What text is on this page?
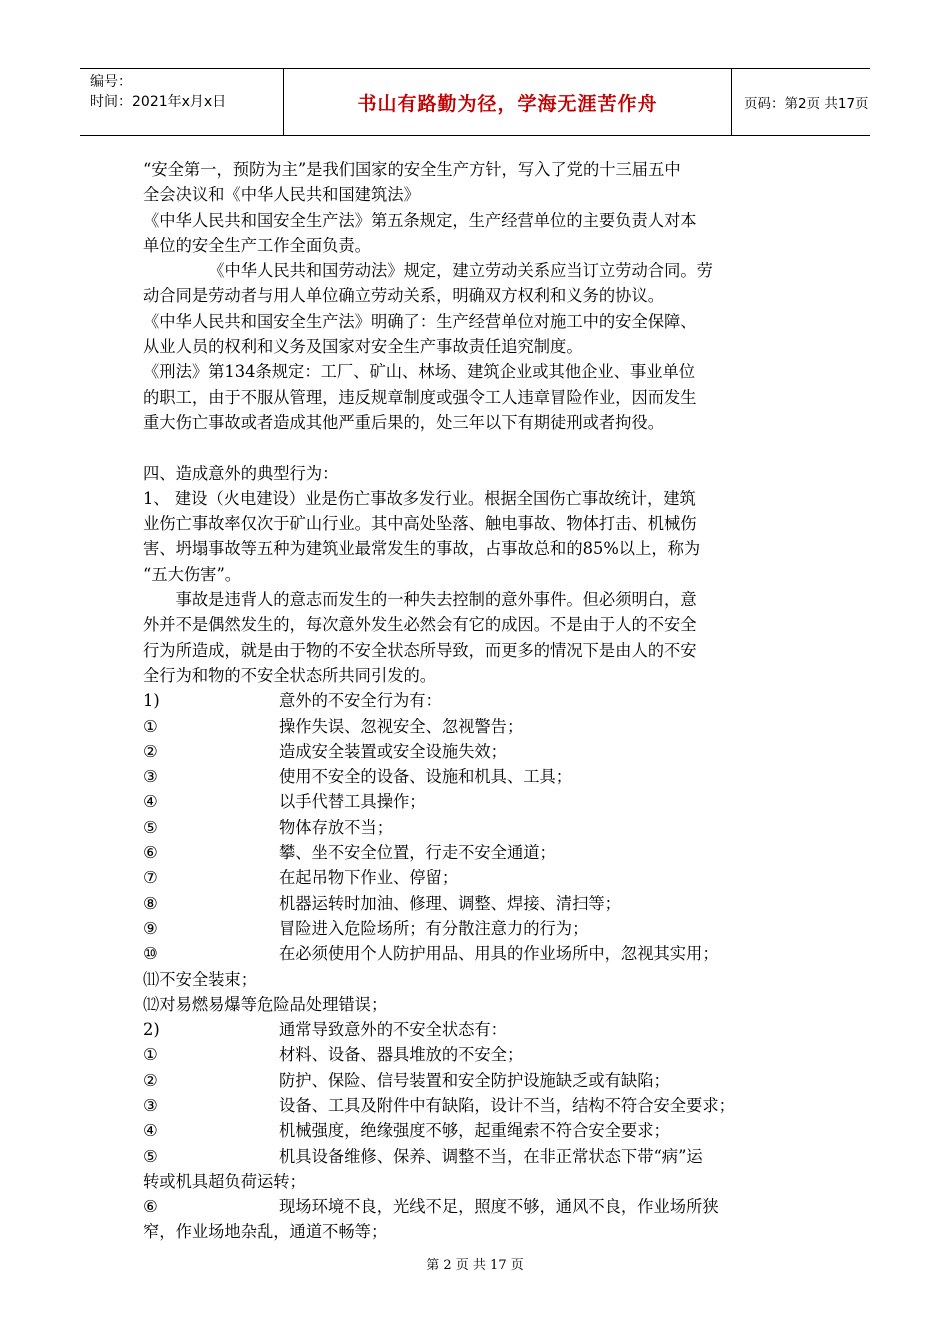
编号：
时间：2021年x月x日	书山有路勤为径，学海无涯苦作舟	页码：第2页 共17页

“安全第一，预防为主”是我们国家的安全生产方针，写入了党的十三届五中

全会决议和《中华人民共和国建筑法》

《中华人民共和国安全生产法》第五条规定，生产经营单位的主要负责人对本

单位的安全生产工作全面负责。

《中华人民共和国劳动法》规定，建立劳动关系应当订立劳动合同。劳

动合同是劳动者与用人单位确立劳动关系，明确双方权利和义务的协议。

《中华人民共和国安全生产法》明确了：生产经营单位对施工中的安全保障、

从业人员的权利和义务及国家对安全生产事故责任追究制度。

《刑法》第134条规定：工厂、矿山、林场、建筑企业或其他企业、事业单位

的职工，由于不服从管理，违反规章制度或强令工人违章冒险作业，因而发生

重大伤亡事故或者造成其他严重后果的，处三年以下有期徒刑或者拘役。

四、造成意外的典型行为：

1、 建设（火电建设）业是伤亡事故多发行业。根据全国伤亡事故统计，建筑

业伤亡事故率仅次于矿山行业。其中高处坠落、触电事故、物体打击、机械伤

害、坍塌事故等五种为建筑业最常发生的事故，占事故总和的85%以上，称为

“五大伤害”。

事故是违背人的意志而发生的一种失去控制的意外事件。但必须明白，意

外并不是偶然发生的，每次意外发生必然会有它的成因。不是由于人的不安全

行为所造成，就是由于物的不安全状态所导致，而更多的情况下是由人的不安

全行为和物的不安全状态所共同引发的。

1)	意外的不安全行为有：
①	操作失误、忽视安全、忽视警告；
②	造成安全装置或安全设施失效；
③	使用不安全的设备、设施和机具、工具；
④	以手代替工具操作；
⑤	物体存放不当；
⑥	攀、坐不安全位置，行走不安全通道；
⑦	在起吊物下作业、停留；
⑧	机器运转时加油、修理、调整、焊接、清扫等；
⑨	冒险进入危险场所；有分散注意力的行为；
⑩	在必须使用个人防护用品、用具的作业场所中，忽视其实用；

⑾不安全装束；

⑿对易燃易爆等危险品处理错误；

2)	通常导致意外的不安全状态有：
①	材料、设备、器具堆放的不安全；
②	防护、保险、信号装置和安全防护设施缺乏或有缺陷；
③	设备、工具及附件中有缺陷，设计不当，结构不符合安全要求；
④	机械强度，绝缘强度不够，起重绳索不符合安全要求；
⑤	机具设备维修、保养、调整不当，在非正常状态下带“病”运

转或机具超负荷运转；

⑥	现场环境不良，光线不足，照度不够，通风不良，作业场所狭

窄，作业场地杂乱，通道不畅等；

第 2 页 共 17 页
